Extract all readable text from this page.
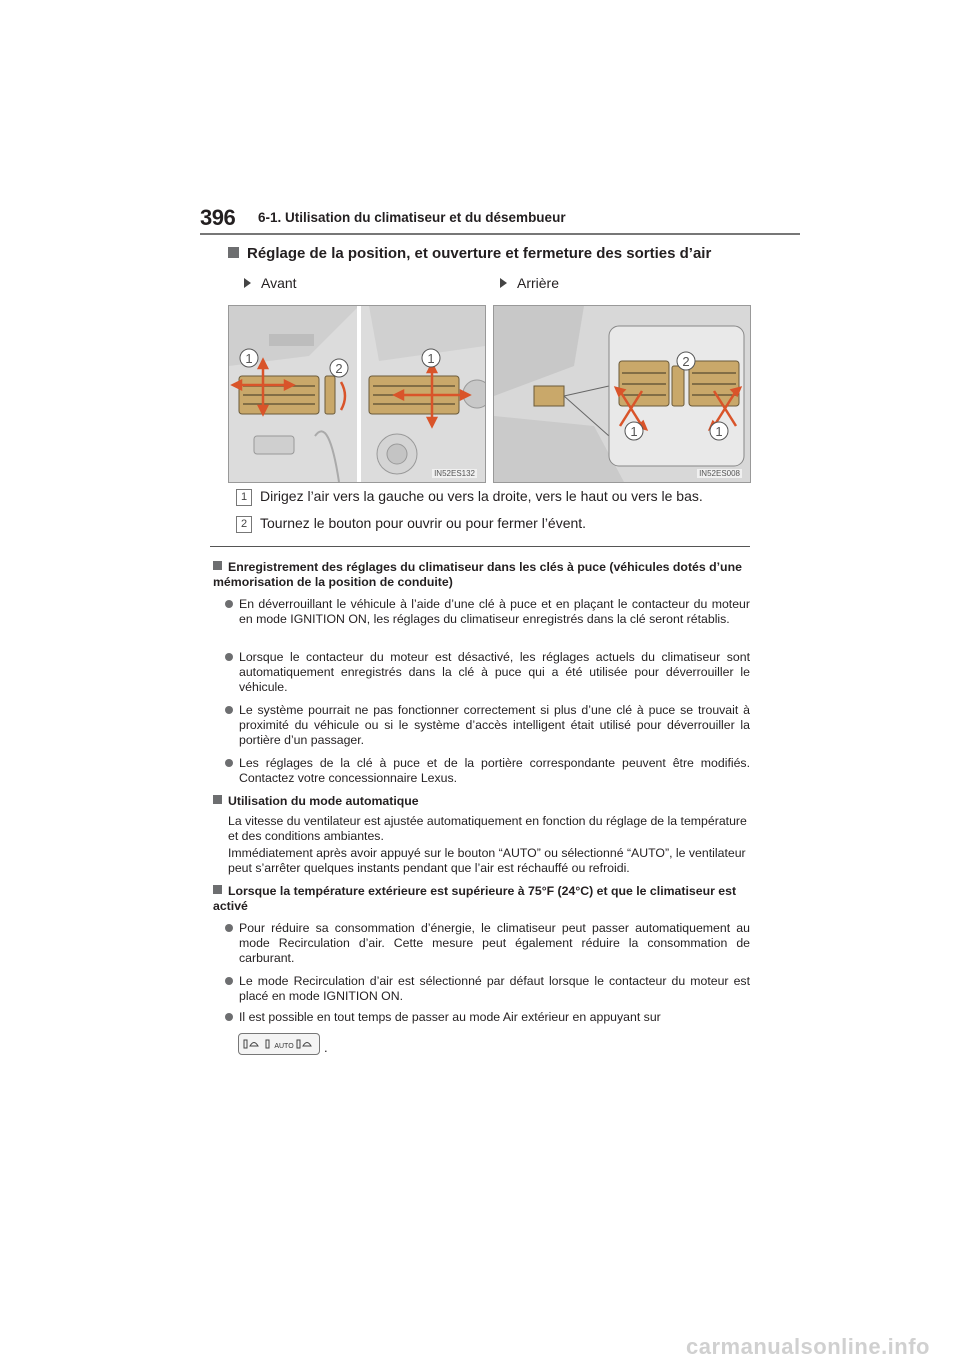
396 6-1. Utilisation du climatiseur et du désembueur
Réglage de la position, et ouverture et fermeture des sorties d’air
Avant	Arrière
1
2
1
IN52ES132
2
1	1
IN52ES008
1 Dirigez l’air vers la gauche ou vers la droite, vers le haut ou vers le bas.
2 Tournez le bouton pour ouvrir ou pour fermer l’évent.
Enregistrement des réglages du climatiseur dans les clés à puce (véhicules dotés d’une mémorisation de la position de conduite)
En déverrouillant le véhicule à l’aide d’une clé à puce et en plaçant le contacteur du moteur en mode IGNITION ON, les réglages du climatiseur enregistrés dans la clé seront rétablis.
Lorsque le contacteur du moteur est désactivé, les réglages actuels du climatiseur sont automatiquement enregistrés dans la clé à puce qui a été utilisée pour déverrouiller le véhicule.
Le système pourrait ne pas fonctionner correctement si plus d’une clé à puce se trouvait à proximité du véhicule ou si le système d’accès intelligent était utilisé pour déverrouiller la portière d’un passager.
Les réglages de la clé à puce et de la portière correspondante peuvent être modifiés. Contactez votre concessionnaire Lexus.
Utilisation du mode automatique
La vitesse du ventilateur est ajustée automatiquement en fonction du réglage de la température et des conditions ambiantes.
Immédiatement après avoir appuyé sur le bouton “AUTO” ou sélectionné “AUTO”, le ventilateur peut s’arrêter quelques instants pendant que l’air est réchauffé ou refroidi.
Lorsque la température extérieure est supérieure à 75°F (24°C) et que le climatiseur est activé
Pour réduire sa consommation d’énergie, le climatiseur peut passer automatiquement au mode Recirculation d’air. Cette mesure peut également réduire la consommation de carburant.
Le mode Recirculation d’air est sélectionné par défaut lorsque le contacteur du moteur est placé en mode IGNITION ON.
Il est possible en tout temps de passer au mode Air extérieur en appuyant sur
AUTO .
carmanualsonline.info
